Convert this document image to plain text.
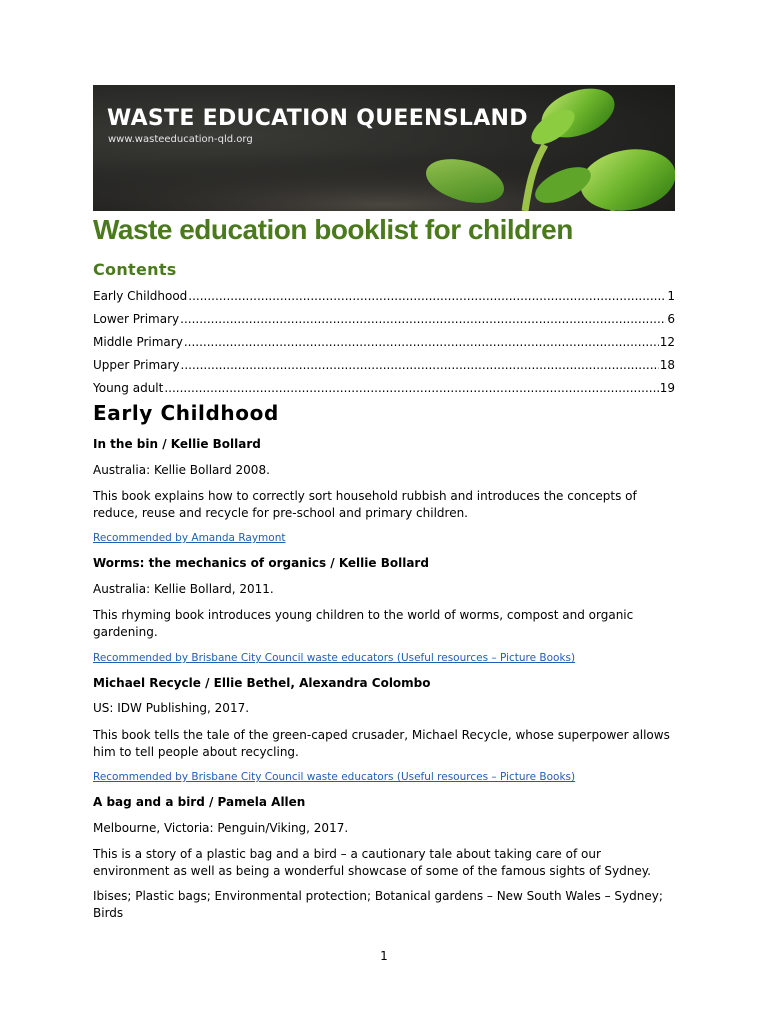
WASTE EDUCATION QUEENSLAND
www.wasteeducation-qld.org
Waste education booklist for children
Contents
Early Childhood .....	1
Lower Primary .....	6
Middle Primary .....	12
Upper Primary .....	18
Young adult .....	19
Early Childhood
In the bin / Kellie Bollard
Australia: Kellie Bollard 2008.
This book explains how to correctly sort household rubbish and introduces the concepts of reduce, reuse and recycle for pre-school and primary children.
Recommended by Amanda Raymont
Worms: the mechanics of organics / Kellie Bollard
Australia: Kellie Bollard, 2011.
This rhyming book introduces young children to the world of worms, compost and organic gardening.
Recommended by Brisbane City Council waste educators (Useful resources – Picture Books)
Michael Recycle / Ellie Bethel, Alexandra Colombo
US: IDW Publishing, 2017.
This book tells the tale of the green-caped crusader, Michael Recycle, whose superpower allows him to tell people about recycling.
Recommended by Brisbane City Council waste educators (Useful resources – Picture Books)
A bag and a bird / Pamela Allen
Melbourne, Victoria: Penguin/Viking, 2017.
This is a story of a plastic bag and a bird – a cautionary tale about taking care of our environment as well as being a wonderful showcase of some of the famous sights of Sydney.
Ibises; Plastic bags; Environmental protection; Botanical gardens – New South Wales – Sydney; Birds
1
